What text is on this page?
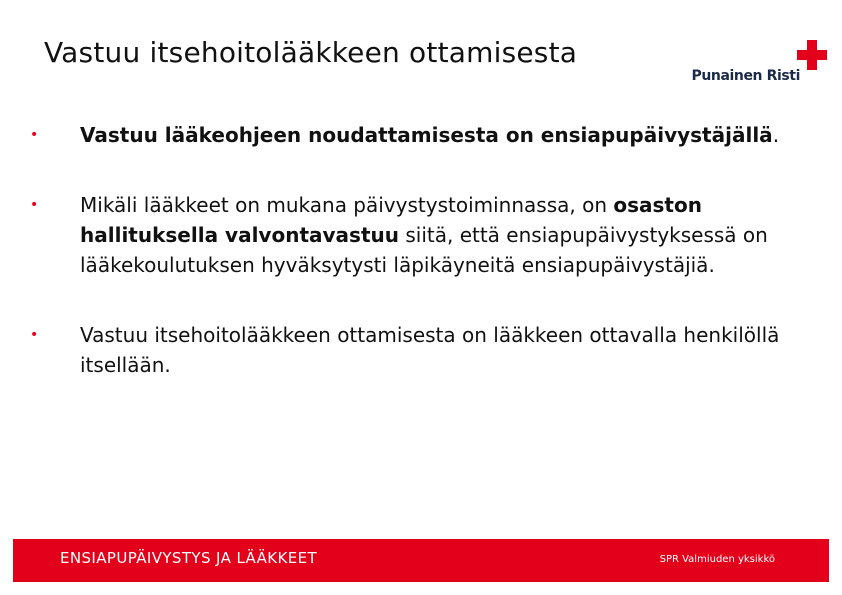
Vastuu itsehoitolääkkeen ottamisesta
Punainen Risti
• Vastuu lääkeohjeen noudattamisesta on ensiapupäivystäjällä.
• Mikäli lääkkeet on mukana päivystystoiminnassa, on osaston hallituksella valvontavastuu siitä, että ensiapupäivystyksessä on lääkekoulutuksen hyväksytysti läpikäyneitä ensiapupäivystäjiä.
• Vastuu itsehoitolääkkeen ottamisesta on lääkkeen ottavalla henkilöllä itsellään.
ENSIAPUPÄIVYSTYS JA LÄÄKKEET	SPR Valmiuden yksikkö
